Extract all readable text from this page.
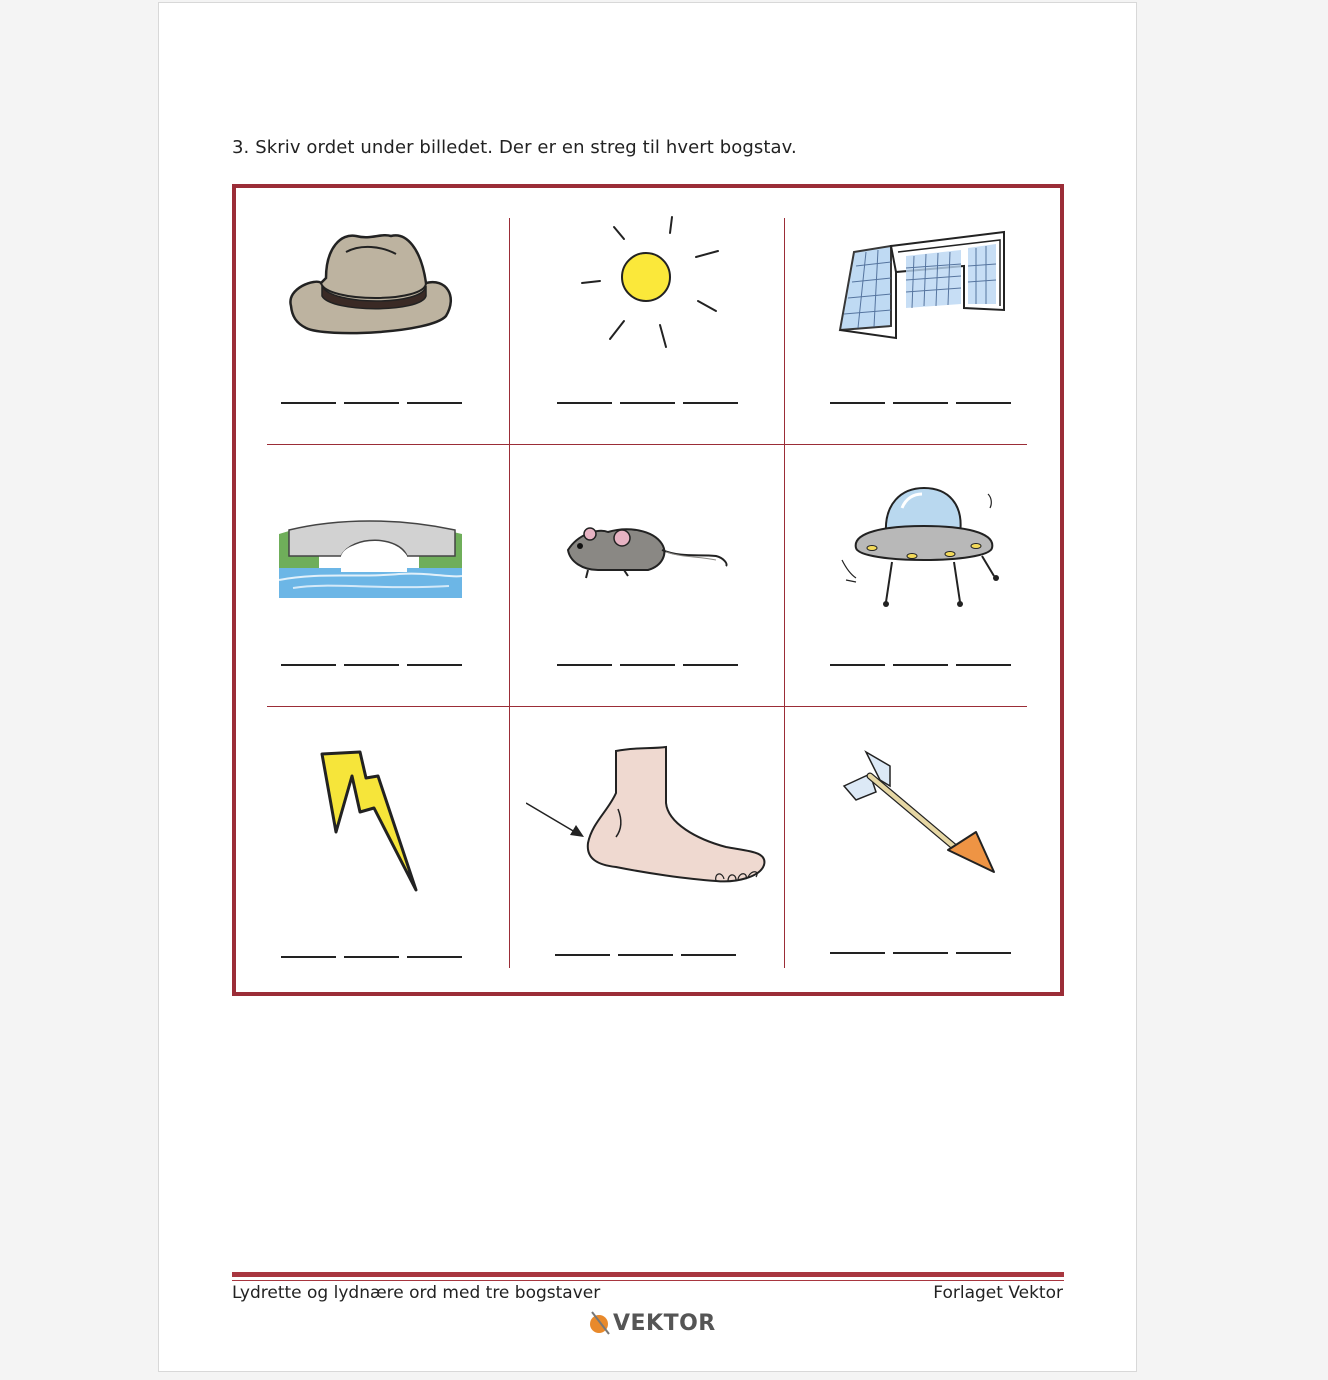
3. Skriv ordet under billedet. Der er en streg til hvert bogstav.
Lydrette og lydnære ord med tre bogstaver	Forlaget Vektor
VEKTOR
